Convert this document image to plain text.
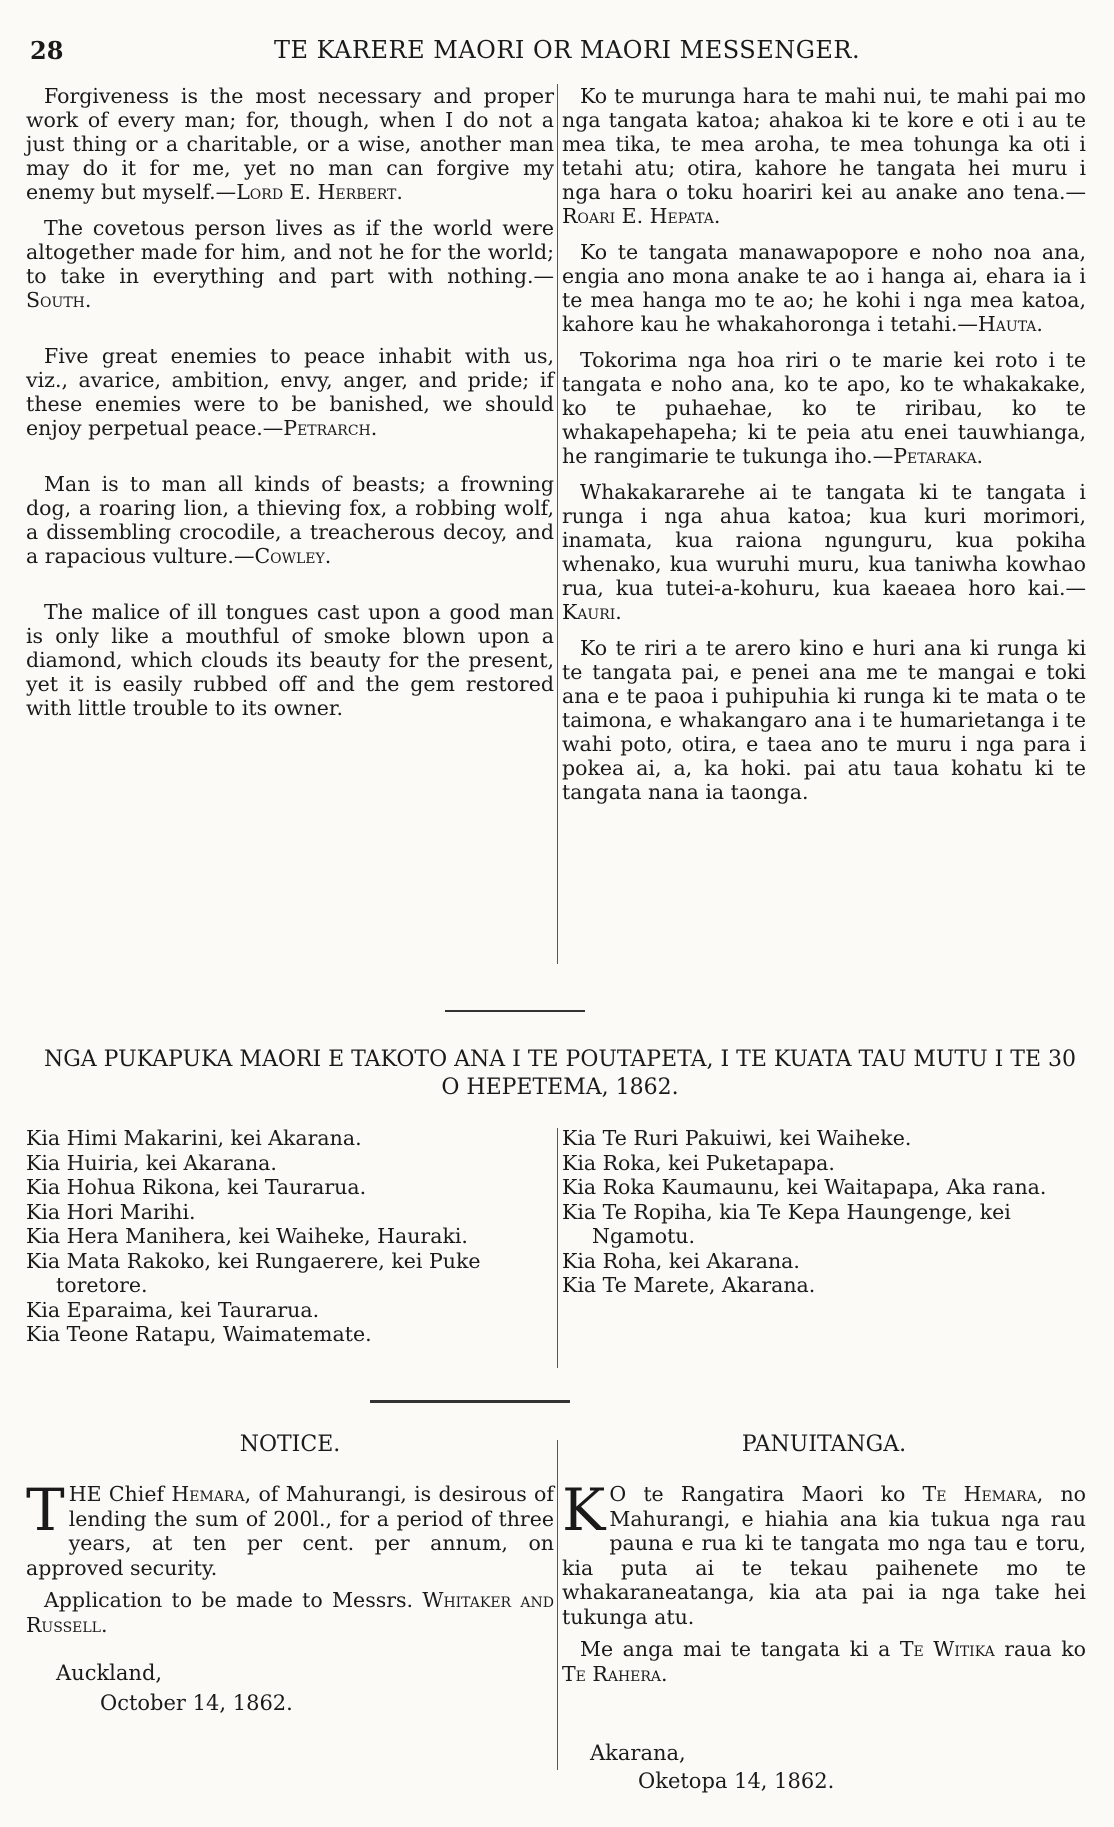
28	TE KARERE MAORI OR MAORI MESSENGER.

Forgiveness is the most necessary and proper work of every man; for, though, when I do not a just thing or a charitable, or a wise, another man may do it for me, yet no man can forgive my enemy but myself.—Lord E. Herbert.

The covetous person lives as if the world were altogether made for him, and not he for the world; to take in everything and part with nothing.—South.

Five great enemies to peace inhabit with us, viz., avarice, ambition, envy, anger, and pride; if these enemies were to be banished, we should enjoy perpetual peace.—Petrarch.

Man is to man all kinds of beasts; a frowning dog, a roaring lion, a thieving fox, a robbing wolf, a dissembling crocodile, a treacherous decoy, and a rapacious vulture.—Cowley.

The malice of ill tongues cast upon a good man is only like a mouthful of smoke blown upon a diamond, which clouds its beauty for the present, yet it is easily rubbed off and the gem restored with little trouble to its owner.

Ko te murunga hara te mahi nui, te mahi pai mo nga tangata katoa; ahakoa ki te kore e oti i au te mea tika, te mea aroha, te mea tohunga ka oti i tetahi atu; otira, kahore he tangata hei muru i nga hara o toku hoariri kei au anake ano tena.—Roari E. Hepata.

Ko te tangata manawapopore e noho noa ana, engia ano mona anake te ao i hanga ai, ehara ia i te mea hanga mo te ao; he kohi i nga mea katoa, kahore kau he whakahoronga i tetahi.—Hauta.

Tokorima nga hoa riri o te marie kei roto i te tangata e noho ana, ko te apo, ko te whakakake, ko te puhaehae, ko te riribau, ko te whakapehapeha; ki te peia atu enei tauwhianga, he rangimarie te tukunga iho.—Petaraka.

Whakakararehe ai te tangata ki te tangata i runga i nga ahua katoa; kua kuri morimori, inamata, kua raiona ngunguru, kua pokiha whenako, kua wuruhi muru, kua taniwha kowhao rua, kua tutei-a-kohuru, kua kaeaea horo kai.—Kauri.

Ko te riri a te arero kino e huri ana ki runga ki te tangata pai, e penei ana me te mangai e toki ana e te paoa i puhipuhia ki runga ki te mata o te taimona, e whakangaro ana i te humarietanga i te wahi poto, otira, e taea ano te muru i nga para i pokea ai, a, ka hoki. pai atu taua kohatu ki te tangata nana ia taonga.

NGA PUKAPUKA MAORI E TAKOTO ANA I TE POUTAPETA, I TE KUATA TAU MUTU I TE 30 O HEPETEMA, 1862.
Kia Himi Makarini, kei Akarana.
Kia Huiria, kei Akarana.
Kia Hohua Rikona, kei Taurarua.
Kia Hori Marihi.
Kia Hera Manihera, kei Waiheke, Hauraki.
Kia Mata Rakoko, kei Rungaerere, kei Puke toretore.
Kia Eparaima, kei Taurarua.
Kia Teone Ratapu, Waimatemate.
Kia Te Ruri Pakuiwi, kei Waiheke.
Kia Roka, kei Puketapapa.
Kia Roka Kaumaunu, kei Waitapapa, Aka rana.
Kia Te Ropiha, kia Te Kepa Haungenge, kei Ngamotu.
Kia Roha, kei Akarana.
Kia Te Marete, Akarana.
NOTICE.

THE Chief Hemara, of Mahurangi, is desirous of lending the sum of 200l., for a period of three years, at ten per cent. per annum, on approved security.

Application to be made to Messrs. Whitaker and Russell.

Auckland,
October 14, 1862.
PANUITANGA.

K O te Rangatira Maori ko Te Hemara, no Mahurangi, e hiahia ana kia tukua nga rau pauna e rua ki te tangata mo nga tau e toru, kia puta ai te tekau paihenete mo te whakaraneatanga, kia ata pai ia nga take hei tukunga atu.

Me anga mai te tangata ki a Te Witika raua ko Te Rahera.

Akarana,
Oketopa 14, 1862.
